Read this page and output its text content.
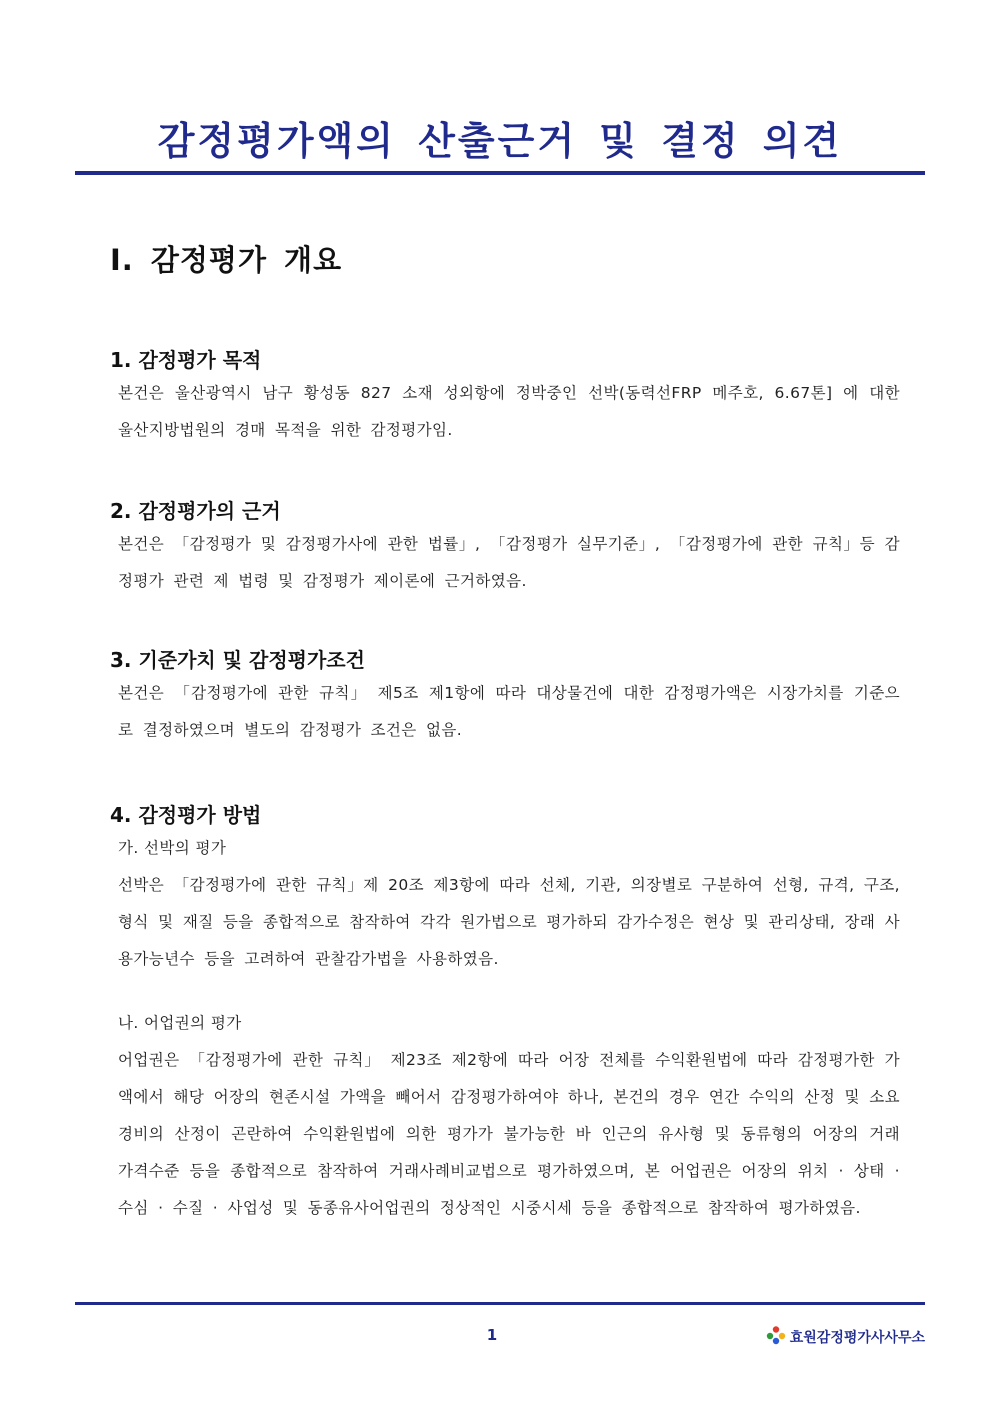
감정평가액의 산출근거 및 결정 의견
Ⅰ. 감정평가 개요
1. 감정평가 목적

본건은 울산광역시 남구 황성동 827 소재 성외항에 정박중인 선박(동력선FRP 메주호, 6.67톤] 에 대한 울산지방법원의 경매 목적을 위한 감정평가임.

2. 감정평가의 근거

본건은 「감정평가 및 감정평가사에 관한 법률」, 「감정평가 실무기준」, 「감정평가에 관한 규칙」등 감정평가 관련 제 법령 및 감정평가 제이론에 근거하였음.

3. 기준가치 및 감정평가조건

본건은 「감정평가에 관한 규칙」 제5조 제1항에 따라 대상물건에 대한 감정평가액은 시장가치를 기준으로 결정하였으며 별도의 감정평가 조건은 없음.

4. 감정평가 방법

가. 선박의 평가

선박은 「감정평가에 관한 규칙」제 20조 제3항에 따라 선체, 기관, 의장별로 구분하여 선형, 규격, 구조, 형식 및 재질 등을 종합적으로 참작하여 각각 원가법으로 평가하되 감가수정은 현상 및 관리상태, 장래 사용가능년수 등을 고려하여 관찰감가법을 사용하였음.

나. 어업권의 평가

어업권은 「감정평가에 관한 규칙」 제23조 제2항에 따라 어장 전체를 수익환원법에 따라 감정평가한 가액에서 해당 어장의 현존시설 가액을 빼어서 감정평가하여야 하나, 본건의 경우 연간 수익의 산정 및 소요경비의 산정이 곤란하여 수익환원법에 의한 평가가 불가능한 바 인근의 유사형 및 동류형의 어장의 거래가격수준 등을 종합적으로 참작하여 거래사례비교법으로 평가하였으며, 본 어업권은 어장의 위치 · 상태 · 수심 · 수질 · 사업성 및 동종유사어업권의 정상적인 시중시세 등을 종합적으로 참작하여 평가하였음.

1	효원감정평가사사무소
